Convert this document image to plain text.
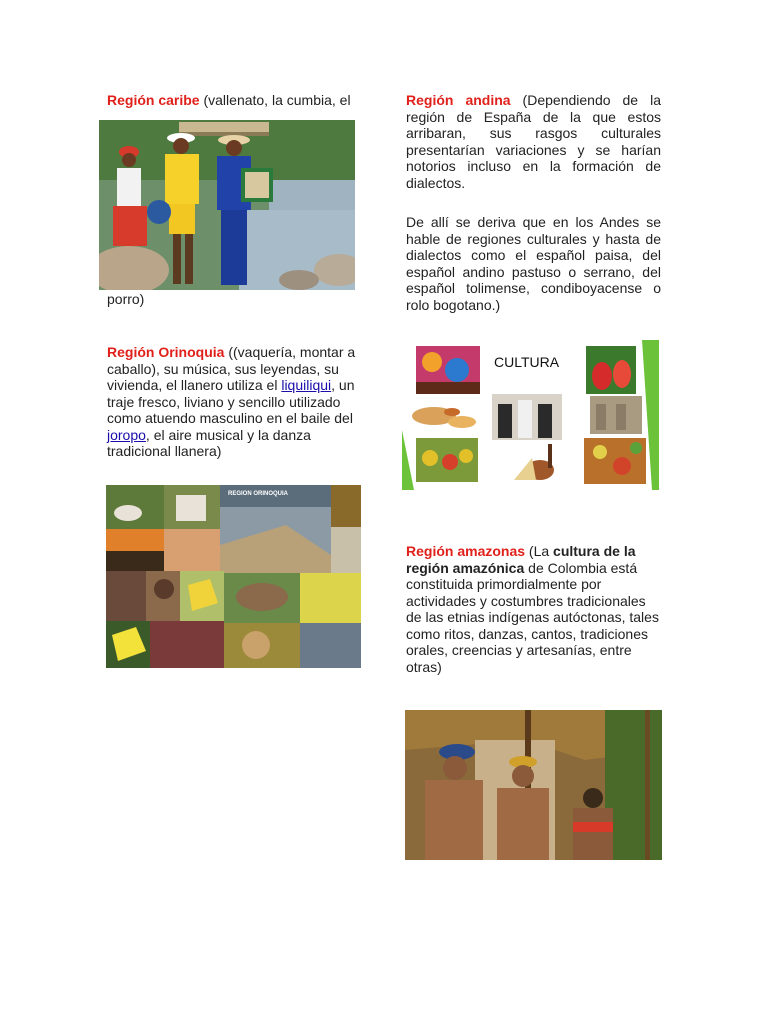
Región caribe (vallenato, la cumbia, el
porro)
Región andina (Dependiendo de la región de España de la que estos arribaran, sus rasgos culturales presentarían variaciones y se harían notorios incluso en la formación de dialectos.
De allí se deriva que en los Andes se hable de regiones culturales y hasta de dialectos como el español paisa, del español andino pastuso o serrano, del español tolimense, condiboyacense o rolo bogotano.)
Región Orinoquia ((vaquería, montar a caballo), su música, sus leyendas, su vivienda, el llanero utiliza el liquiliqui, un traje fresco, liviano y sencillo utilizado como atuendo masculino en el baile del joropo, el aire musical y la danza tradicional llanera)
CULTURA
REGION ORINOQUIA
Región amazonas (La cultura de la región amazónica de Colombia está constituida primordialmente por actividades y costumbres tradicionales de las etnias indígenas autóctonas, tales como ritos, danzas, cantos, tradiciones orales, creencias y artesanías, entre otras)
